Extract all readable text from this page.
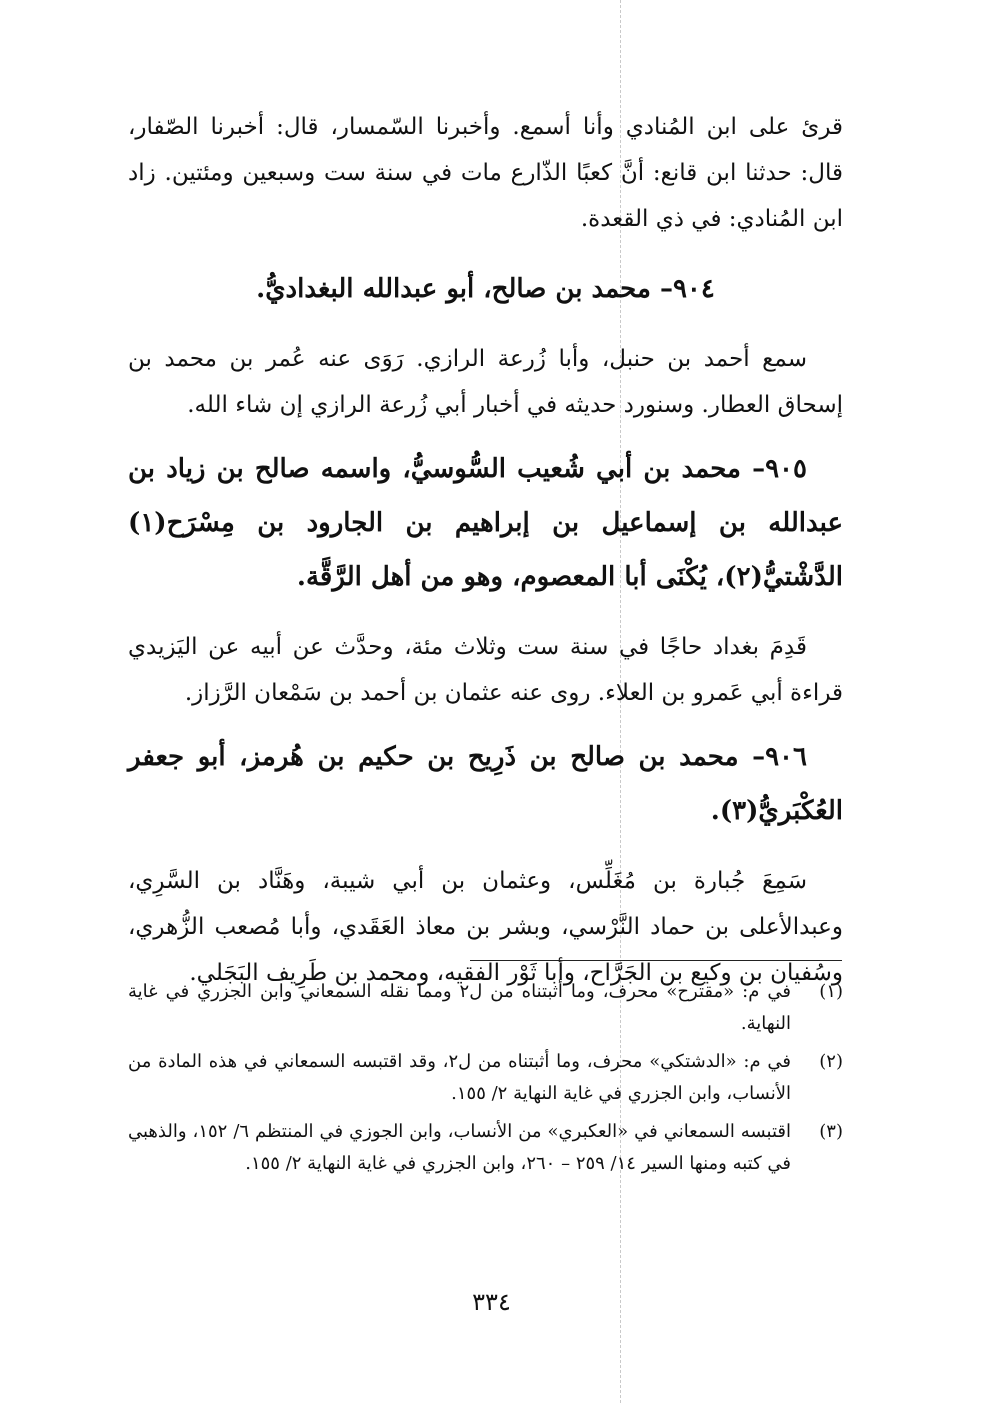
قرئ على ابن المُنادي وأنا أسمع. وأخبرنا السّمسار، قال: أخبرنا الصّفار، قال: حدثنا ابن قانع: أنَّ كعبًا الذّارع مات في سنة ست وسبعين ومئتين. زاد ابن المُنادي: في ذي القعدة.

٩٠٤– محمد بن صالح، أبو عبدالله البغداديُّ.

سمع أحمد بن حنبل، وأبا زُرعة الرازي. رَوَى عنه عُمر بن محمد بن إسحاق العطار. وسنورد حديثه في أخبار أبي زُرعة الرازي إن شاء الله.

٩٠٥– محمد بن أبي شُعيب السُّوسيُّ، واسمه صالح بن زياد بن عبدالله بن إسماعيل بن إبراهيم بن الجارود بن مِسْرَح(١) الدَّشْتيُّ(٢)، يُكْنَى أبا المعصوم، وهو من أهل الرَّقَّة.

قَدِمَ بغداد حاجًا في سنة ست وثلاث مئة، وحدَّث عن أبيه عن اليَزيدي قراءة أبي عَمرو بن العلاء. روى عنه عثمان بن أحمد بن سَمْعان الرَّزاز.

٩٠٦– محمد بن صالح بن ذَرِيح بن حكيم بن هُرمز، أبو جعفر العُكْبَريُّ(٣).

سَمِعَ جُبارة بن مُغَلِّس، وعثمان بن أبي شيبة، وهَنَّاد بن السَّرِي، وعبدالأعلى بن حماد النَّرْسي، وبشر بن معاذ العَقَدي، وأبا مُصعب الزُّهري، وسُفيان بن وكيع بن الجَرَّاح، وأبا ثَوْر الفقيه، ومحمد بن طَرِيف البَجَلي.

(١)
في م: «مقترح» محرف، وما أثبتناه من ل٢ ومما نقله السمعاني وابن الجزري في غاية النهاية.
(٢)
في م: «الدشتكي» محرف، وما أثبتناه من ل٢، وقد اقتبسه السمعاني في هذه المادة من الأنساب، وابن الجزري في غاية النهاية ٢/ ١٥٥.
(٣)
اقتبسه السمعاني في «العكبري» من الأنساب، وابن الجوزي في المنتظم ٦/ ١٥٢، والذهبي في كتبه ومنها السير ١٤/ ٢٥٩ – ٢٦٠، وابن الجزري في غاية النهاية ٢/ ١٥٥.
٣٣٤
